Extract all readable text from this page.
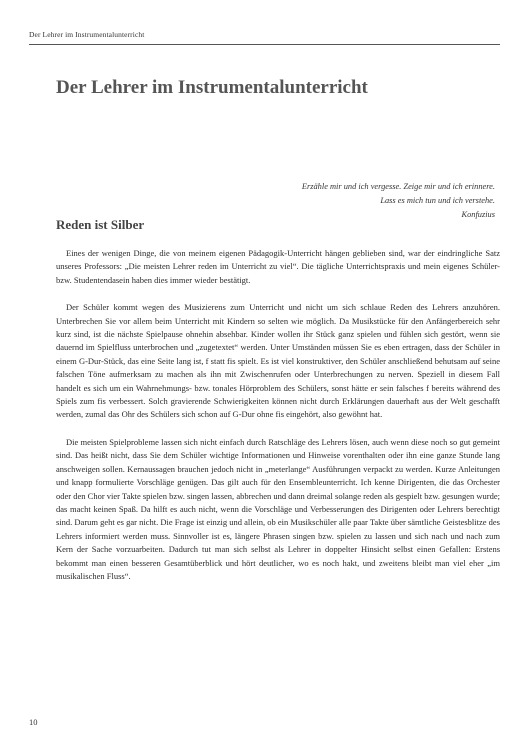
Der Lehrer im Instrumentalunterricht
Der Lehrer im Instrumentalunterricht
Erzähle mir und ich vergesse. Zeige mir und ich erinnere.
Lass es mich tun und ich verstehe.
Konfuzius
Reden ist Silber

Eines der wenigen Dinge, die von meinem eigenen Pädagogik-Unterricht hängen geblieben sind, war der eindringliche Satz unseres Professors: „Die meisten Lehrer reden im Unterricht zu viel“. Die tägliche Unterrichtspraxis und mein eigenes Schüler- bzw. Studentendasein haben dies immer wieder bestätigt.

Der Schüler kommt wegen des Musizierens zum Unterricht und nicht um sich schlaue Reden des Lehrers anzuhören. Unterbrechen Sie vor allem beim Unterricht mit Kindern so selten wie möglich. Da Musikstücke für den Anfängerbereich sehr kurz sind, ist die nächste Spielpause ohnehin absehbar. Kinder wollen ihr Stück ganz spielen und fühlen sich gestört, wenn sie dauernd im Spielfluss unterbrochen und „zugetextet“ werden. Unter Umständen müssen Sie es eben ertragen, dass der Schüler in einem G-Dur-Stück, das eine Seite lang ist, f statt fis spielt. Es ist viel konstruktiver, den Schüler anschließend behutsam auf seine falschen Töne aufmerksam zu machen als ihn mit Zwischenrufen oder Unterbrechungen zu nerven. Speziell in diesem Fall handelt es sich um ein Wahrnehmungs- bzw. tonales Hörproblem des Schülers, sonst hätte er sein falsches f bereits während des Spiels zum fis verbessert. Solch gravierende Schwierigkeiten können nicht durch Erklärungen dauerhaft aus der Welt geschafft werden, zumal das Ohr des Schülers sich schon auf G-Dur ohne fis eingehört, also gewöhnt hat.

Die meisten Spielprobleme lassen sich nicht einfach durch Ratschläge des Lehrers lösen, auch wenn diese noch so gut gemeint sind. Das heißt nicht, dass Sie dem Schüler wichtige Informationen und Hinweise vorenthalten oder ihn eine ganze Stunde lang anschweigen sollen. Kernaussagen brauchen jedoch nicht in „meterlange“ Ausführungen verpackt zu werden. Kurze Anleitungen und knapp formulierte Vorschläge genügen. Das gilt auch für den Ensembleunterricht. Ich kenne Dirigenten, die das Orchester oder den Chor vier Takte spielen bzw. singen lassen, abbrechen und dann dreimal solange reden als gespielt bzw. gesungen wurde; das macht keinen Spaß. Da hilft es auch nicht, wenn die Vorschläge und Verbesserungen des Dirigenten oder Lehrers berechtigt sind. Darum geht es gar nicht. Die Frage ist einzig und allein, ob ein Musikschüler alle paar Takte über sämtliche Geistesblitze des Lehrers informiert werden muss. Sinnvoller ist es, längere Phrasen singen bzw. spielen zu lassen und sich nach und nach zum Kern der Sache vorzuarbeiten. Dadurch tut man sich selbst als Lehrer in doppelter Hinsicht selbst einen Gefallen: Erstens bekommt man einen besseren Gesamtüberblick und hört deutlicher, wo es noch hakt, und zweitens bleibt man viel eher „im musikalischen Fluss“.

10
